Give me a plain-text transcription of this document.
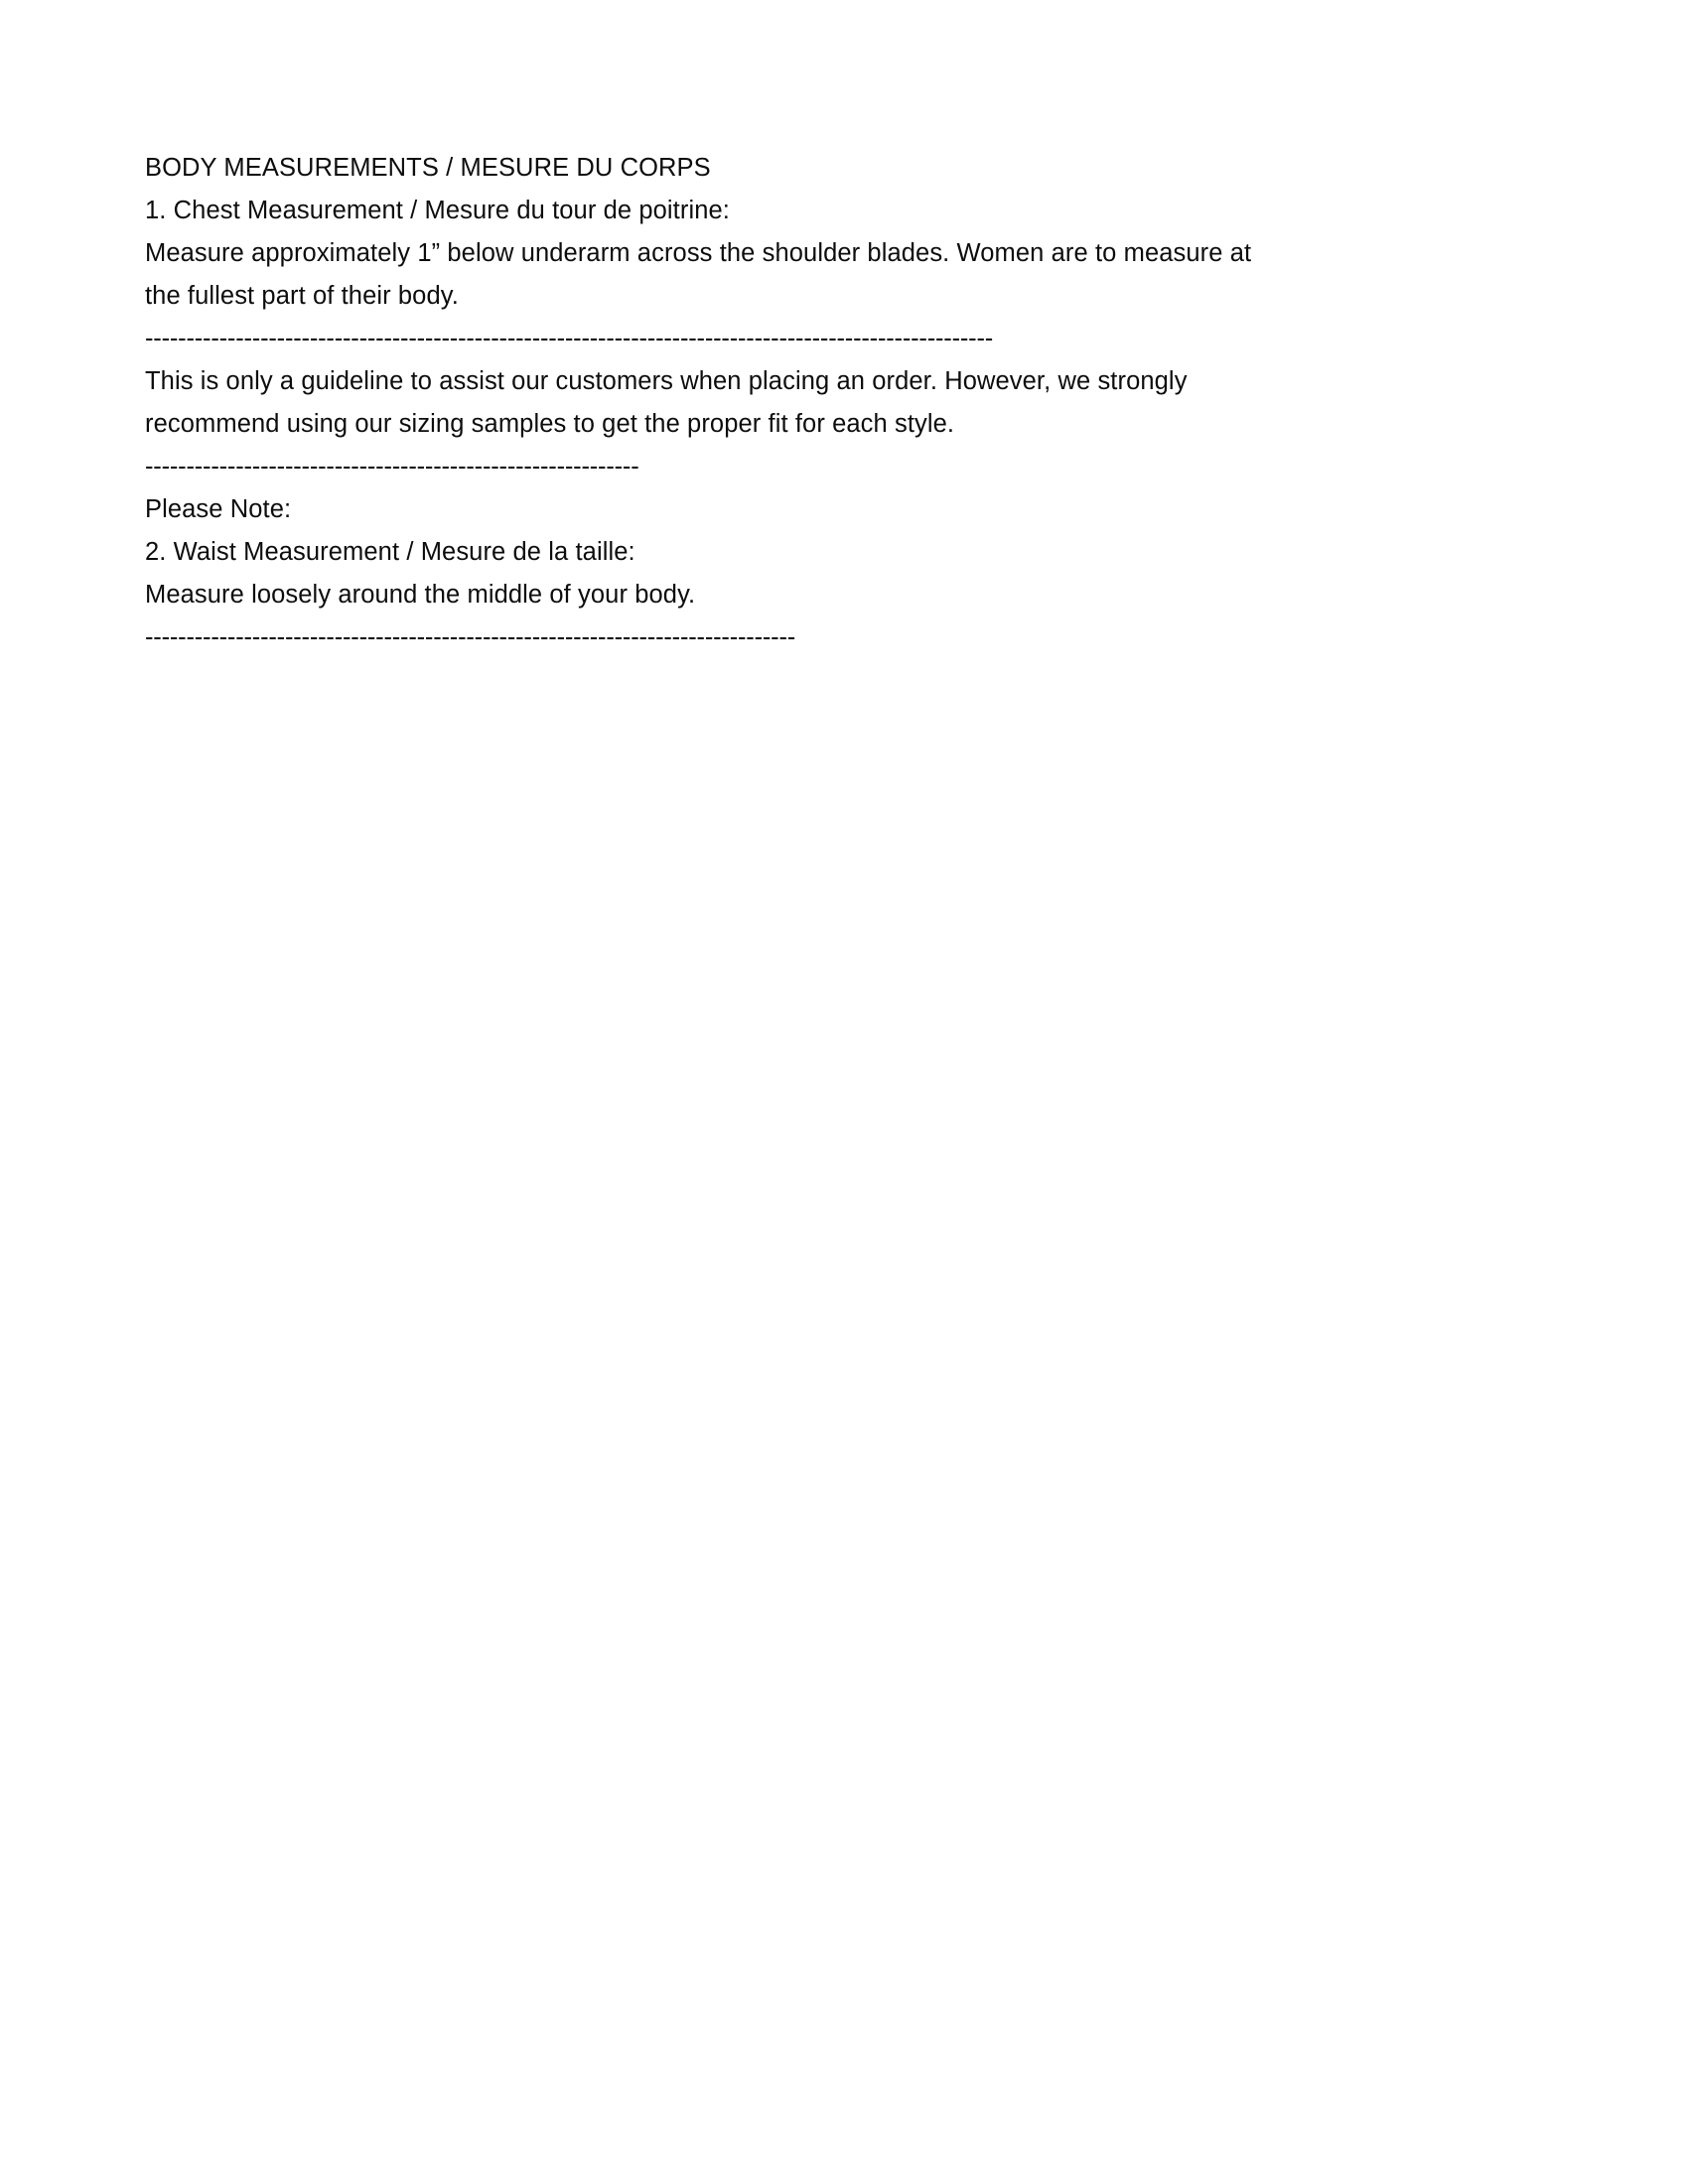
BODY MEASUREMENTS / MESURE DU CORPS
1. Chest Measurement / Mesure du tour de poitrine:
Measure approximately 1” below underarm across the shoulder blades. Women are to measure at the fullest part of their body.
-------------------------------------------------------------------------------------------------------
This is only a guideline to assist our customers when placing an order. However, we strongly recommend using our sizing samples to get the proper fit for each style.
------------------------------------------------------------
Please Note:
2. Waist Measurement / Mesure de la taille:
Measure loosely around the middle of your body.
-------------------------------------------------------------------------------
